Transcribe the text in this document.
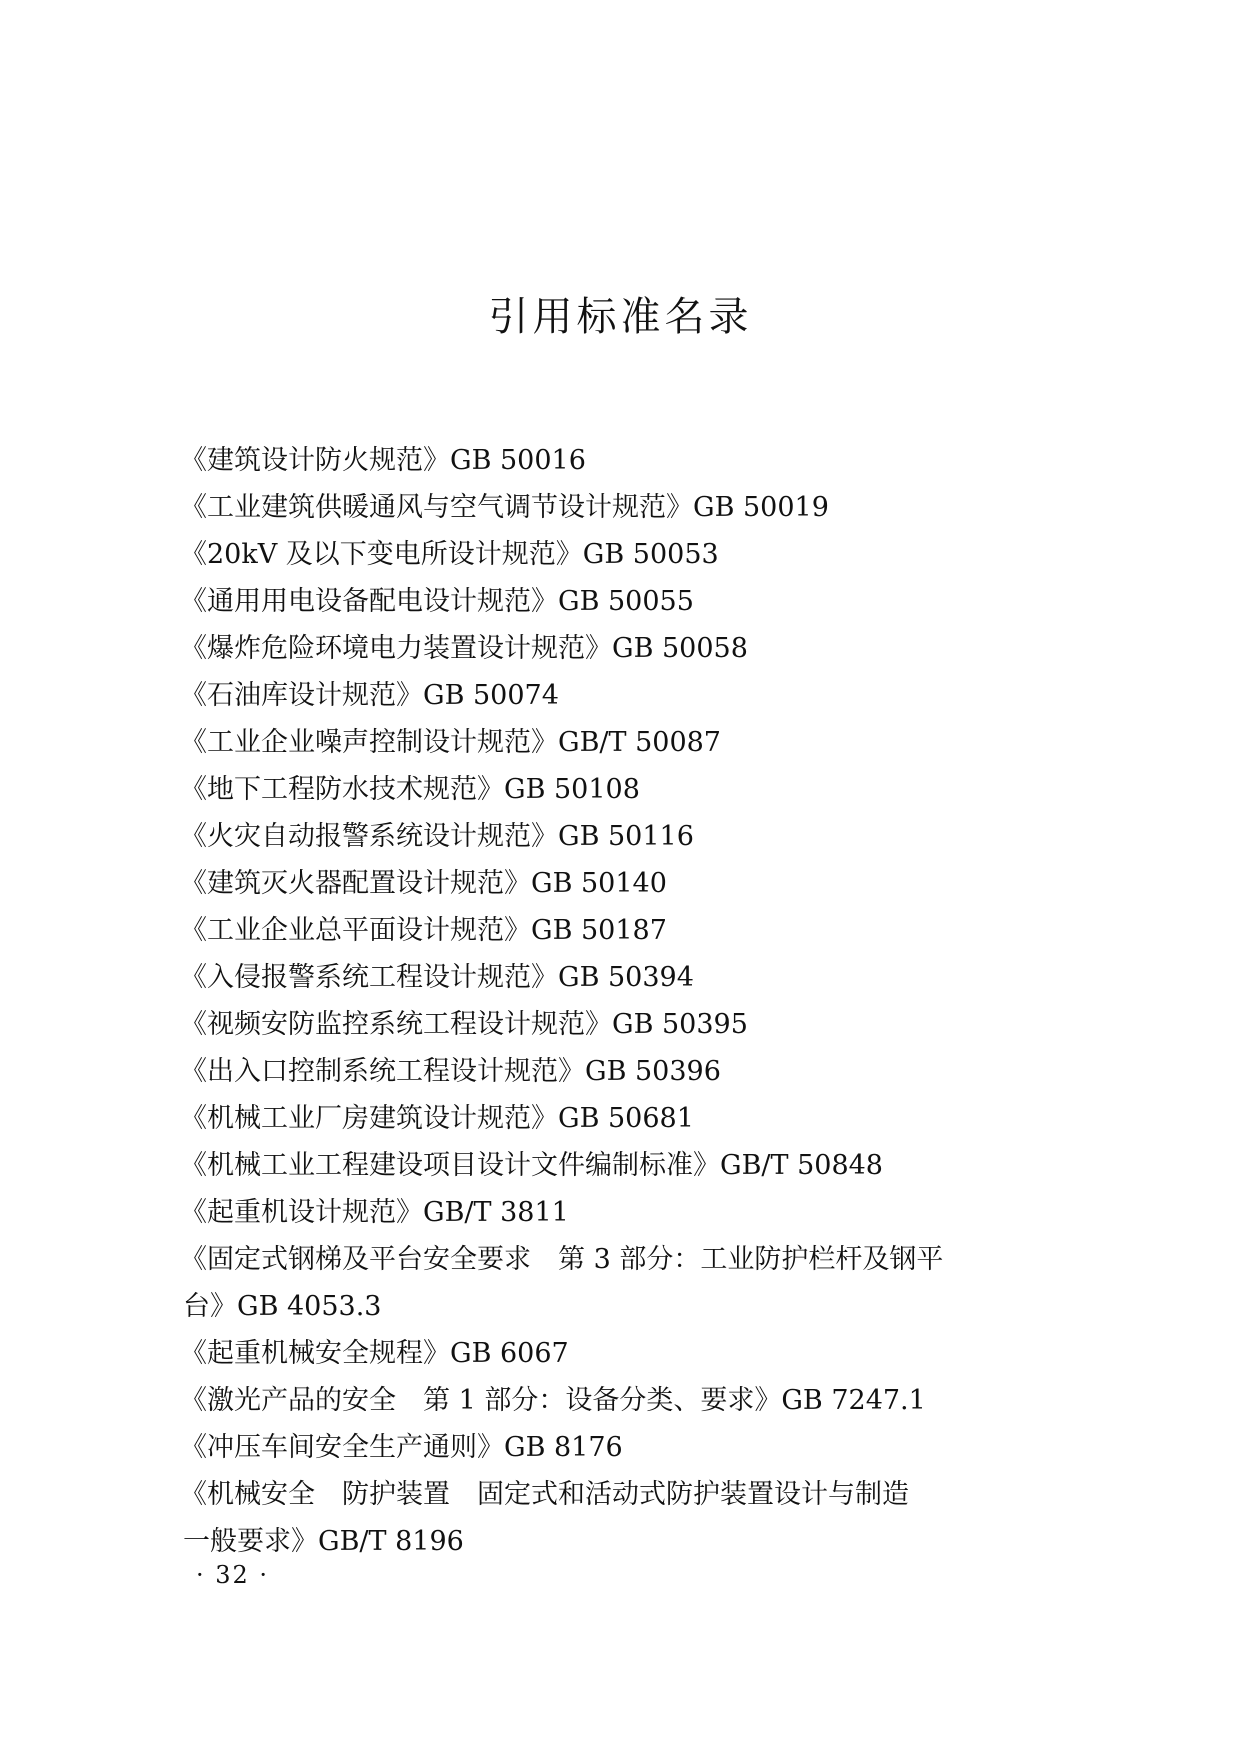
引用标准名录
《建筑设计防火规范》GB 50016
《工业建筑供暖通风与空气调节设计规范》GB 50019
《20kV 及以下变电所设计规范》GB 50053
《通用用电设备配电设计规范》GB 50055
《爆炸危险环境电力装置设计规范》GB 50058
《石油库设计规范》GB 50074
《工业企业噪声控制设计规范》GB/T 50087
《地下工程防水技术规范》GB 50108
《火灾自动报警系统设计规范》GB 50116
《建筑灭火器配置设计规范》GB 50140
《工业企业总平面设计规范》GB 50187
《入侵报警系统工程设计规范》GB 50394
《视频安防监控系统工程设计规范》GB 50395
《出入口控制系统工程设计规范》GB 50396
《机械工业厂房建筑设计规范》GB 50681
《机械工业工程建设项目设计文件编制标准》GB/T 50848
《起重机设计规范》GB/T 3811
《固定式钢梯及平台安全要求　第 3 部分：工业防护栏杆及钢平
台》GB 4053.3
《起重机械安全规程》GB 6067
《激光产品的安全　第 1 部分：设备分类、要求》GB 7247.1
《冲压车间安全生产通则》GB 8176
《机械安全　防护装置　固定式和活动式防护装置设计与制造
一般要求》GB/T 8196
· 32 ·
